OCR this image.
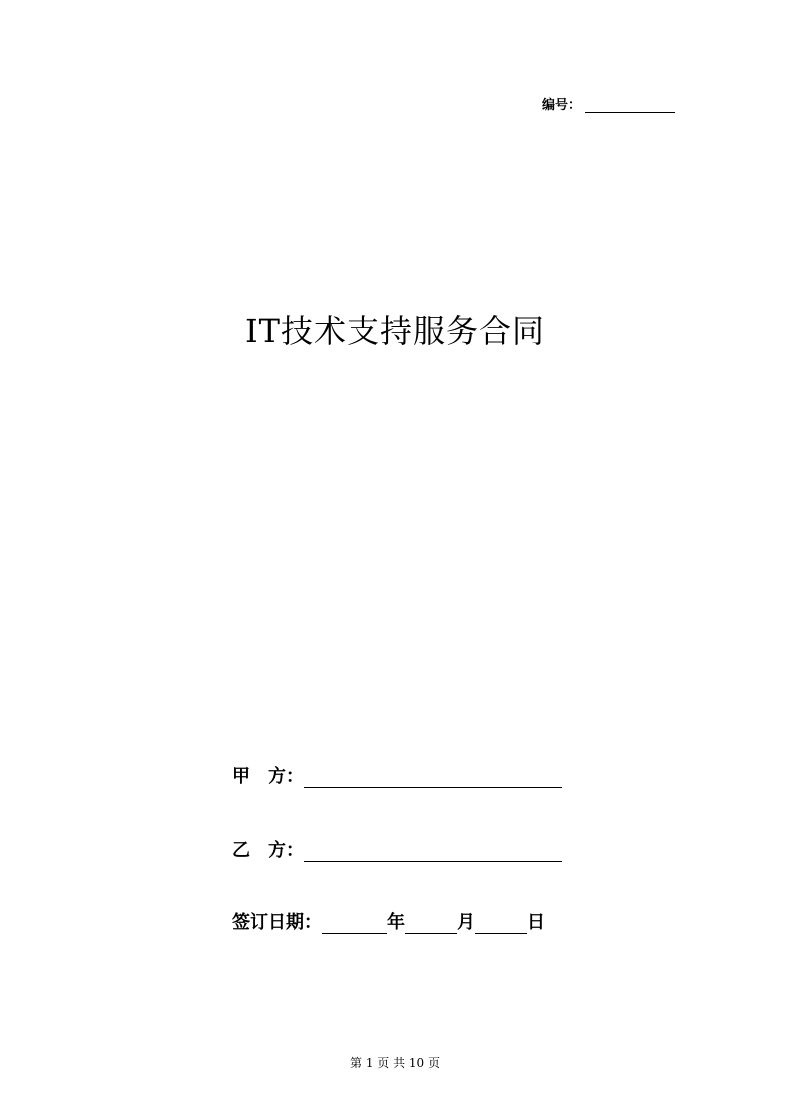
编号：
IT技术支持服务合同
甲　方：
乙　方：
签订日期：	年	月	日
第 1 页 共 10 页
